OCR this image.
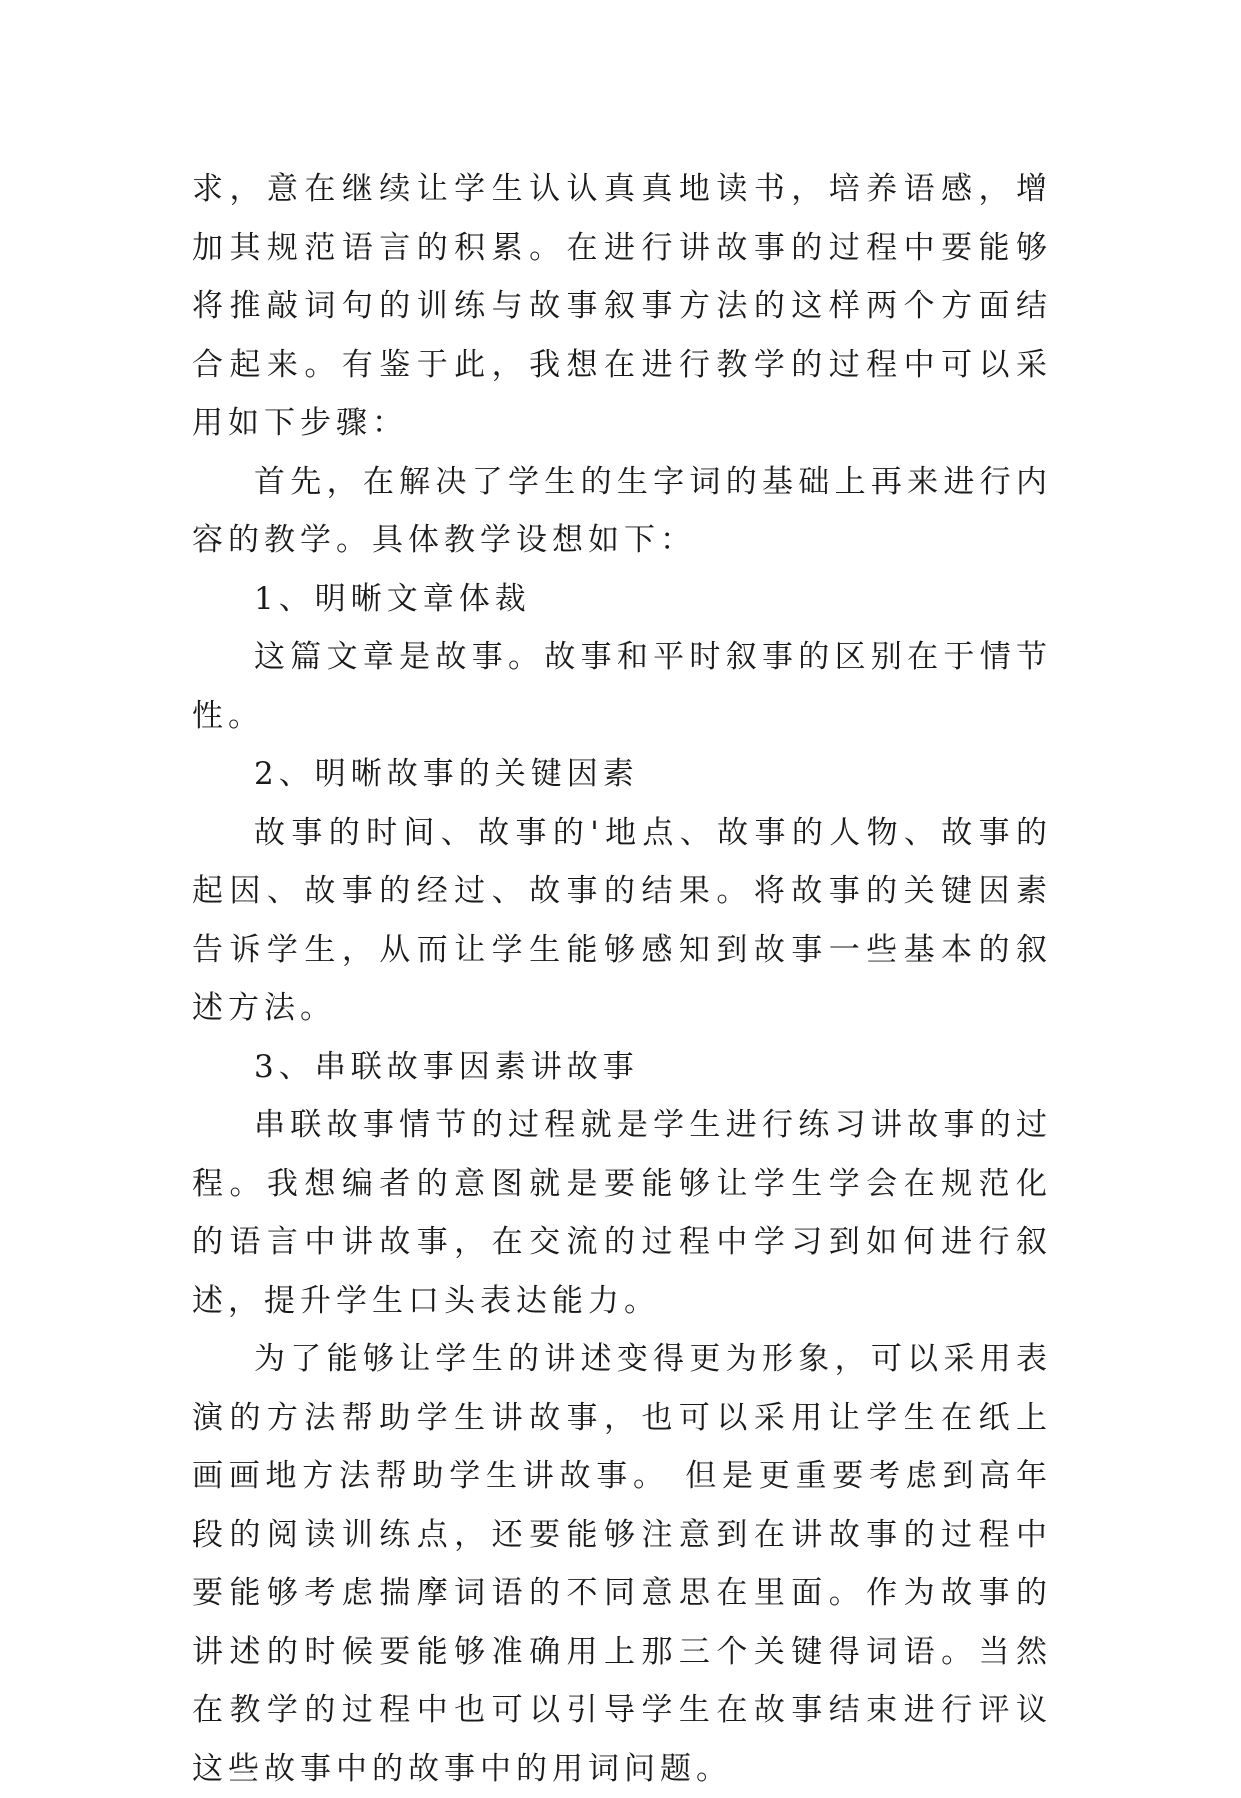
求，意在继续让学生认认真真地读书，培养语感，增加其规范语言的积累。在进行讲故事的过程中要能够将推敲词句的训练与故事叙事方法的这样两个方面结合起来。有鉴于此，我想在进行教学的过程中可以采用如下步骤：

首先，在解决了学生的生字词的基础上再来进行内容的教学。具体教学设想如下：

1、明晰文章体裁

这篇文章是故事。故事和平时叙事的区别在于情节性。

2、明晰故事的关键因素

故事的时间、故事的'地点、故事的人物、故事的起因、故事的经过、故事的结果。将故事的关键因素告诉学生，从而让学生能够感知到故事一些基本的叙述方法。

3、串联故事因素讲故事

串联故事情节的过程就是学生进行练习讲故事的过程。我想编者的意图就是要能够让学生学会在规范化的语言中讲故事，在交流的过程中学习到如何进行叙述，提升学生口头表达能力。

为了能够让学生的讲述变得更为形象，可以采用表演的方法帮助学生讲故事，也可以采用让学生在纸上画画地方法帮助学生讲故事。 但是更重要考虑到高年段的阅读训练点，还要能够注意到在讲故事的过程中要能够考虑揣摩词语的不同意思在里面。作为故事的讲述的时候要能够准确用上那三个关键得词语。当然在教学的过程中也可以引导学生在故事结束进行评议这些故事中的故事中的用词问题。
